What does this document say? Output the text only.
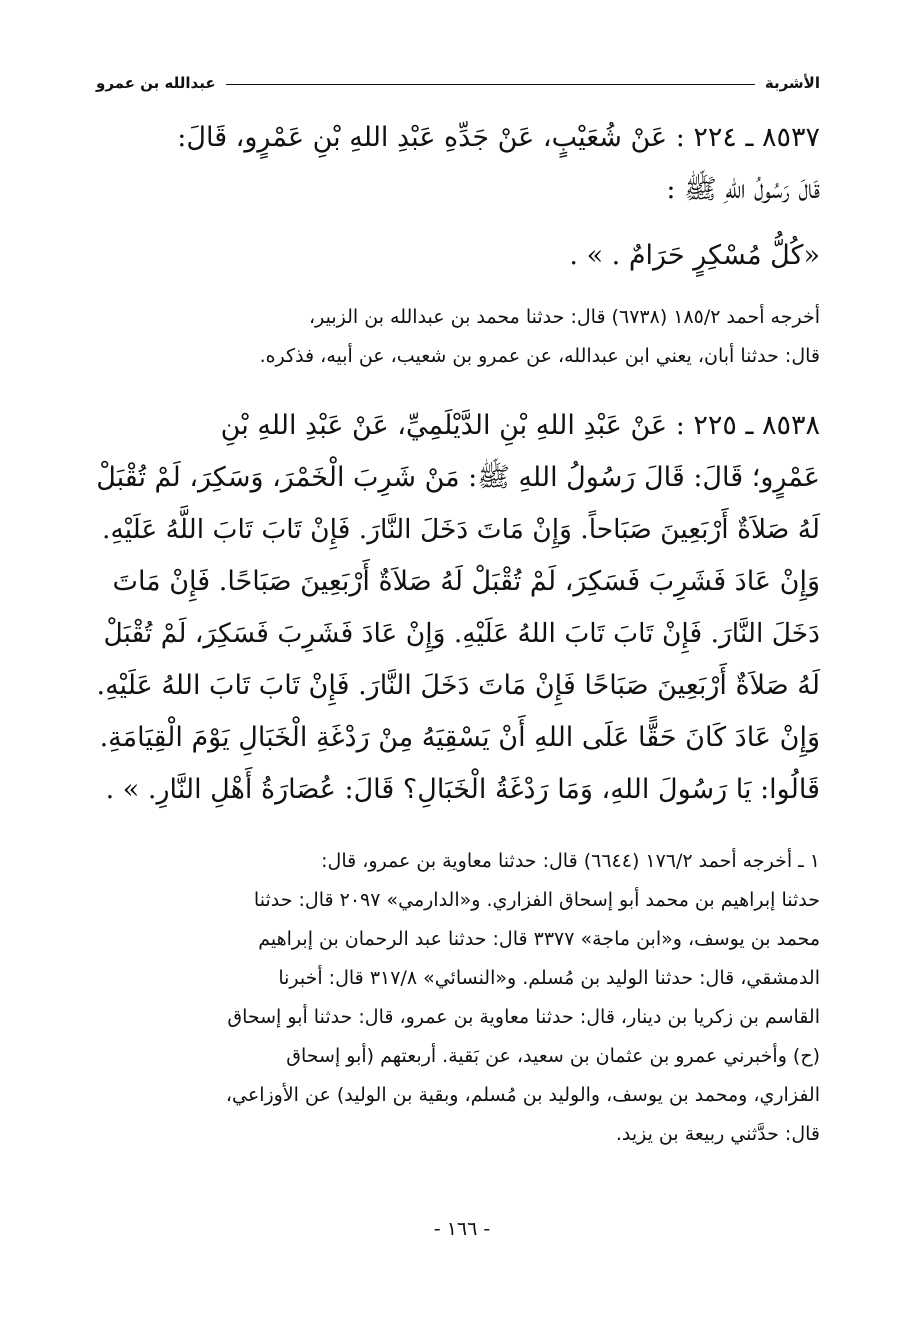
الأشربة
عبدالله بن عمرو
٨٥٣٧ ـ ٢٢٤ : عَنْ شُعَيْبٍ، عَنْ جَدِّهِ عَبْدِ اللهِ بْنِ عَمْرٍو، قَالَ:
قَالَ رَسُولُ اللهِ ﷺ :
«كُلُّ مُسْكِرٍ حَرَامٌ . » .
أخرجه أحمد ١٨٥/٢ (٦٧٣٨) قال: حدثنا محمد بن عبدالله بن الزبير،
قال: حدثنا أبان، يعني ابن عبدالله، عن عمرو بن شعيب، عن أبيه، فذكره.
٨٥٣٨ ـ ٢٢٥ : عَنْ عَبْدِ اللهِ بْنِ الدَّيْلَمِيِّ، عَنْ عَبْدِ اللهِ بْنِ
عَمْرٍو؛ قَالَ: قَالَ رَسُولُ اللهِ ﷺ: مَنْ شَرِبَ الْخَمْرَ، وَسَكِرَ، لَمْ تُقْبَلْ
لَهُ صَلاَةٌ أَرْبَعِينَ صَبَاحاً. وَإِنْ مَاتَ دَخَلَ النَّارَ. فَإِنْ تَابَ تَابَ اللَّهُ عَلَيْهِ.
وَإِنْ عَادَ فَشَرِبَ فَسَكِرَ، لَمْ تُقْبَلْ لَهُ صَلاَةٌ أَرْبَعِينَ صَبَاحًا. فَإِنْ مَاتَ
دَخَلَ النَّارَ. فَإِنْ تَابَ تَابَ اللهُ عَلَيْهِ. وَإِنْ عَادَ فَشَرِبَ فَسَكِرَ، لَمْ تُقْبَلْ
لَهُ صَلاَةٌ أَرْبَعِينَ صَبَاحًا فَإِنْ مَاتَ دَخَلَ النَّارَ. فَإِنْ تَابَ تَابَ اللهُ عَلَيْهِ.
وَإِنْ عَادَ كَانَ حَقًّا عَلَى اللهِ أَنْ يَسْقِيَهُ مِنْ رَدْغَةِ الْخَبَالِ يَوْمَ الْقِيَامَةِ.
قَالُوا: يَا رَسُولَ اللهِ، وَمَا رَدْغَةُ الْخَبَالِ؟ قَالَ: عُصَارَةُ أَهْلِ النَّارِ. » .
١ ـ أخرجه أحمد ١٧٦/٢ (٦٦٤٤) قال: حدثنا معاوية بن عمرو، قال:
حدثنا إبراهيم بن محمد أبو إسحاق الفزاري. و«الدارمي» ٢٠٩٧ قال: حدثنا
محمد بن يوسف، و«ابن ماجة» ٣٣٧٧ قال: حدثنا عبد الرحمان بن إبراهيم
الدمشقي، قال: حدثنا الوليد بن مُسلم. و«النسائي» ٣١٧/٨ قال: أخبرنا
القاسم بن زكريا بن دينار، قال: حدثنا معاوية بن عمرو، قال: حدثنا أبو إسحاق
(ح) وأخبرني عمرو بن عثمان بن سعيد، عن بَقية. أربعتهم (أبو إسحاق
الفزاري، ومحمد بن يوسف، والوليد بن مُسلم، وبقية بن الوليد) عن الأوزاعي،
قال: حدَّثني ربيعة بن يزيد.
- ١٦٦ -
